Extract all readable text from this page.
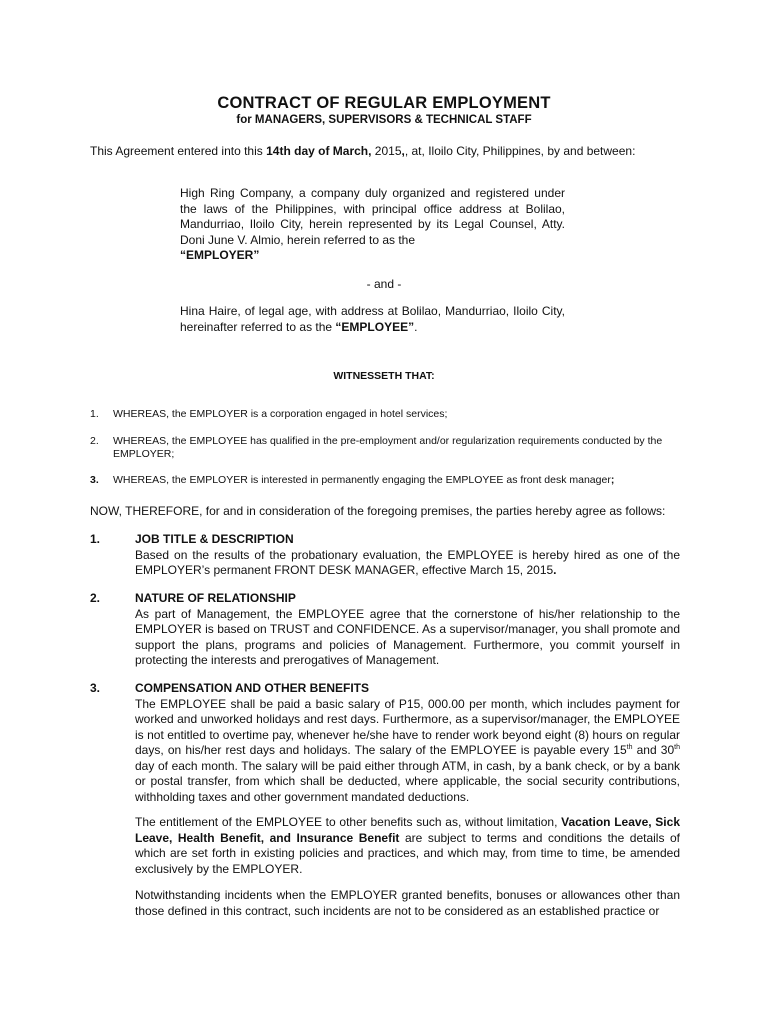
CONTRACT OF REGULAR EMPLOYMENT
for MANAGERS, SUPERVISORS & TECHNICAL STAFF
This Agreement entered into this 14th day of March, 2015,, at, Iloilo City, Philippines, by and between:
High Ring Company, a company duly organized and registered under the laws of the Philippines, with principal office address at Bolilao, Mandurriao, Iloilo City, herein represented by its Legal Counsel, Atty. Doni June V. Almio, herein referred to as the
“EMPLOYER”
- and -
Hina Haire, of legal age, with address at Bolilao, Mandurriao, Iloilo City, hereinafter referred to as the “EMPLOYEE”.
WITNESSETH THAT:
1.	WHEREAS, the EMPLOYER is a corporation engaged in hotel services;
2.	WHEREAS, the EMPLOYEE has qualified in the pre-employment and/or regularization requirements conducted by the EMPLOYER;
3.	WHEREAS, the EMPLOYER is interested in permanently engaging the EMPLOYEE as front desk manager;
NOW, THEREFORE, for and in consideration of the foregoing premises, the parties hereby agree as follows:
1.	JOB TITLE & DESCRIPTION
Based on the results of the probationary evaluation, the EMPLOYEE is hereby hired as one of the EMPLOYER’s permanent FRONT DESK MANAGER, effective March 15, 2015.
2.	NATURE OF RELATIONSHIP
As part of Management, the EMPLOYEE agree that the cornerstone of his/her relationship to the EMPLOYER is based on TRUST and CONFIDENCE. As a supervisor/manager, you shall promote and support the plans, programs and policies of Management. Furthermore, you commit yourself in protecting the interests and prerogatives of Management.
3.	COMPENSATION AND OTHER BENEFITS
The EMPLOYEE shall be paid a basic salary of P15, 000.00 per month, which includes payment for worked and unworked holidays and rest days. Furthermore, as a supervisor/manager, the EMPLOYEE is not entitled to overtime pay, whenever he/she have to render work beyond eight (8) hours on regular days, on his/her rest days and holidays. The salary of the EMPLOYEE is payable every 15th and 30th day of each month. The salary will be paid either through ATM, in cash, by a bank check, or by a bank or postal transfer, from which shall be deducted, where applicable, the social security contributions, withholding taxes and other government mandated deductions.
The entitlement of the EMPLOYEE to other benefits such as, without limitation, Vacation Leave, Sick Leave, Health Benefit, and Insurance Benefit are subject to terms and conditions the details of which are set forth in existing policies and practices, and which may, from time to time, be amended exclusively by the EMPLOYER.
Notwithstanding incidents when the EMPLOYER granted benefits, bonuses or allowances other than those defined in this contract, such incidents are not to be considered as an established practice or
